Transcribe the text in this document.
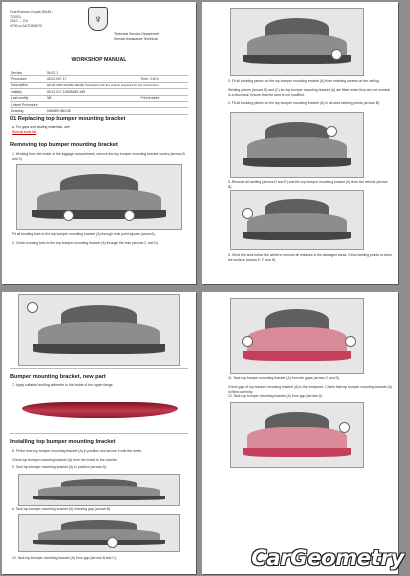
GranTurismo Coupé (M145 -
TOOS)
2010 - ...EU
4700 cc AUTOMATIC	♆
Technical Service Department
Service Assistance Technical
WORKSHOP MANUAL
Section	05.02.1	
Procedure	05.02.007.17	Time: 0.40 h
Description	(M145-0845-2D00B-4804B): Substitute with the vehicle prepared for the intervention	
Validity	05.12.017.1450B480-185	
Last modify	3/8	Print fixtures
Linked Procedure		
Drawing	0460857480.NE	
01 Replacing top bumper mounting bracket
a. For gaps and sealing materials, see:
Special tools list
Removing top bumper mounting bracket
1. Working from the inside of the luggage compartment, remove the top bumper mounting bracket covers (arrows B and C).
Fit all bonding bars to the top bumper mounting bracket (A) through hole point square (arrow A).
2. Clinch bonding bars to the top bumper mounting bracket (A) through the hole (arrows C and D).
3. Fit all bonding pieces on the top bumper mounting bracket (A) from retaining screws on the ceiling.
Welding pieces (arrows B) and (C) for top bumper mounting bracket (A) are fitted when they are not nominal in a structural. Ensure that the area is not modified.
4. Fit all bonding pieces on the top bumper mounting bracket (A) in all area welding points (arrows B).
5. Remove all welding (arrows D and E) and the top bumper mounting bracket (A) from the vehicle (arrows B).
6. Grind the area below the welds to remove all residues in the damaged areas. Grind welding points to clean the surface (arrows E, F and H).
Bumper mounting bracket, new part
7. Apply suitable bonding adhesive to the inside of the upper flange.
Installing top bumper mounting bracket
8. Fit the new top bumper mounting bracket (A) in position and secure it with the rivets.
Check top bumper mounting bracket (A) from the inside to the outside.
9. Tack top bumper mounting bracket (A) to position (arrows A).
a. Tack top bumper mounting bracket (A) ensuring gap (arrows B).
10. Tack top bumper mounting bracket (A) from gap (arrows B and C).
11. Tack top bumper mounting bracket (A) from the gaps (arrows C and D).
Check gap of top bumper mounting bracket (A) to the bodywork. Check that top bumper mounting bracket (A) is fitted correctly.
12. Tack top bumper mounting bracket (A) from gap (arrows D).
CarGeometry
